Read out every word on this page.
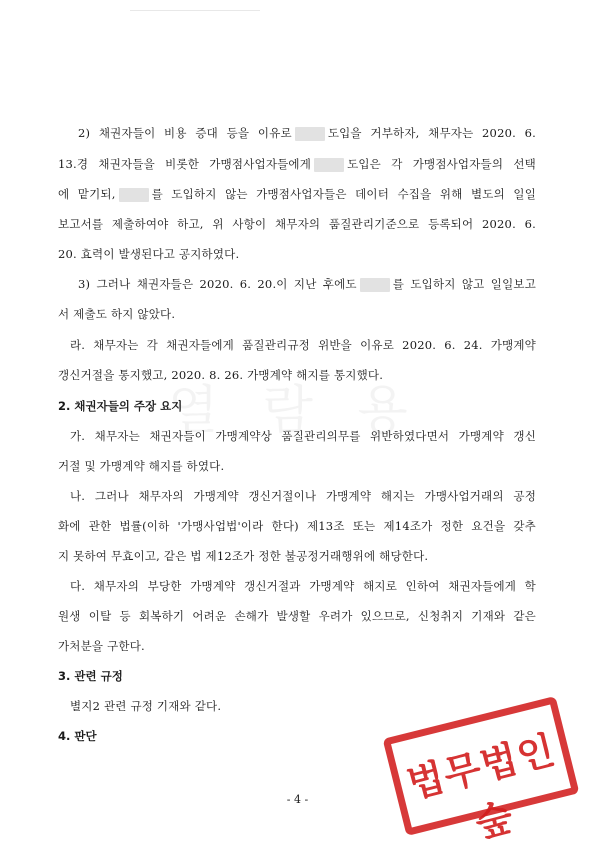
2) 채권자들이 비용 증대 등을 이유로	도입을 거부하자, 채무자는 2020. 6.
13.경 채권자들을 비롯한 가맹점사업자들에게	도입은 각 가맹점사업자들의 선택
에 맡기되,	를 도입하지 않는 가맹점사업자들은 데이터 수집을 위해 별도의 일일
보고서를 제출하여야 하고, 위 사항이 채무자의 품질관리기준으로 등록되어 2020. 6.
20. 효력이 발생된다고 공지하였다.
3) 그러나 채권자들은 2020. 6. 20.이 지난 후에도	를 도입하지 않고 일일보고
서 제출도 하지 않았다.
라. 채무자는 각 채권자들에게 품질관리규정 위반을 이유로 2020. 6. 24. 가맹계약
갱신거절을 통지했고, 2020. 8. 26. 가맹계약 해지를 통지했다.
2. 채권자들의 주장 요지
가. 채무자는 채권자들이 가맹계약상 품질관리의무를 위반하였다면서 가맹계약 갱신
거절 및 가맹계약 해지를 하였다.
나. 그러나 채무자의 가맹계약 갱신거절이나 가맹계약 해지는 가맹사업거래의 공정
화에 관한 법률(이하 '가맹사업법'이라 한다) 제13조 또는 제14조가 정한 요건을 갖추
지 못하여 무효이고, 같은 법 제12조가 정한 불공정거래행위에 해당한다.
다. 채무자의 부당한 가맹계약 갱신거절과 가맹계약 해지로 인하여 채권자들에게 학
원생 이탈 등 회복하기 어려운 손해가 발생할 우려가 있으므로, 신청취지 기재와 같은
가처분을 구한다.
3. 관련 규정
별지2 관련 규정 기재와 같다.
4. 판단
- 4 -	법무법인 숲
